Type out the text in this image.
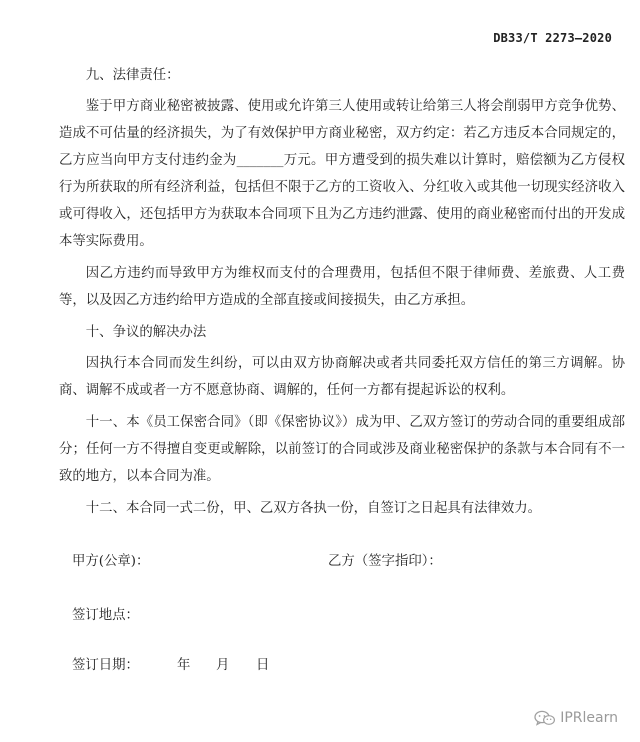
DB33/T 2273—2020

九、法律责任：

鉴于甲方商业秘密被披露、使用或允许第三人使用或转让给第三人将会削弱甲方竞争优势、造成不可估量的经济损失，为了有效保护甲方商业秘密，双方约定：若乙方违反本合同规定的，乙方应当向甲方支付违约金为_______万元。甲方遭受到的损失难以计算时，赔偿额为乙方侵权行为所获取的所有经济利益，包括但不限于乙方的工资收入、分红收入或其他一切现实经济收入或可得收入，还包括甲方为获取本合同项下且为乙方违约泄露、使用的商业秘密而付出的开发成本等实际费用。

因乙方违约而导致甲方为维权而支付的合理费用，包括但不限于律师费、差旅费、人工费等，以及因乙方违约给甲方造成的全部直接或间接损失，由乙方承担。

十、争议的解决办法

因执行本合同而发生纠纷，可以由双方协商解决或者共同委托双方信任的第三方调解。协商、调解不成或者一方不愿意协商、调解的，任何一方都有提起诉讼的权利。

十一、本《员工保密合同》（即《保密协议》）成为甲、乙双方签订的劳动合同的重要组成部分；任何一方不得擅自变更或解除，以前签订的合同或涉及商业秘密保护的条款与本合同有不一致的地方，以本合同为准。

十二、本合同一式二份，甲、乙双方各执一份，自签订之日起具有法律效力。

甲方(公章)：	乙方（签字指印）：
签订地点：
签订日期：	年 月 日
IPRlearn
